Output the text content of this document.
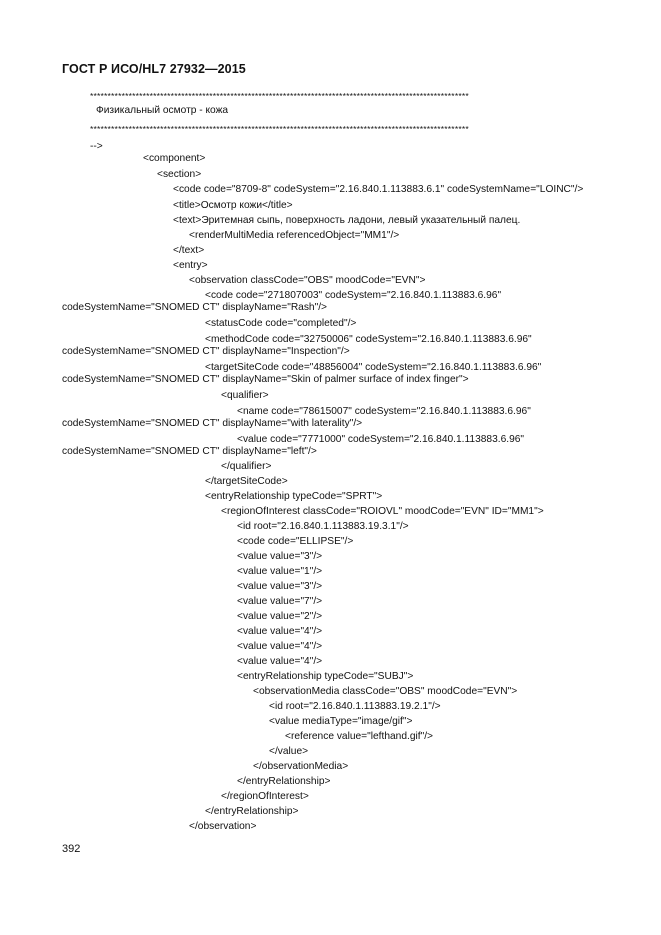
ГОСТ Р ИСО/HL7 27932—2015
************************************************************************************************************
Физикальный осмотр - кожа
************************************************************************************************************
-->
<component>
<section>
<code code="8709-8" codeSystem="2.16.840.1.113883.6.1" codeSystemName="LOINC"/>
<title>Осмотр кожи</title>
<text>Эритемная сыпь, поверхность ладони, левый указательный палец.
<renderMultiMedia referencedObject="MM1"/>
</text>
<entry>
<observation classCode="OBS" moodCode="EVN">
<code code="271807003" codeSystem="2.16.840.1.113883.6.96"
codeSystemName="SNOMED CT" displayName="Rash"/>
<statusCode code="completed"/>
<methodCode code="32750006" codeSystem="2.16.840.1.113883.6.96"
codeSystemName="SNOMED CT" displayName="Inspection"/>
<targetSiteCode code="48856004" codeSystem="2.16.840.1.113883.6.96"
codeSystemName="SNOMED CT" displayName="Skin of palmer surface of index finger">
<qualifier>
<name code="78615007" codeSystem="2.16.840.1.113883.6.96"
codeSystemName="SNOMED CT" displayName="with laterality"/>
<value code="7771000" codeSystem="2.16.840.1.113883.6.96"
codeSystemName="SNOMED CT" displayName="left"/>
</qualifier>
</targetSiteCode>
<entryRelationship typeCode="SPRT">
<regionOfInterest classCode="ROIOVL" moodCode="EVN" ID="MM1">
<id root="2.16.840.1.113883.19.3.1"/>
<code code="ELLIPSE"/>
<value value="3"/>
<value value="1"/>
<value value="3"/>
<value value="7"/>
<value value="2"/>
<value value="4"/>
<value value="4"/>
<value value="4"/>
<entryRelationship typeCode="SUBJ">
<observationMedia classCode="OBS" moodCode="EVN">
<id root="2.16.840.1.113883.19.2.1"/>
<value mediaType="image/gif">
<reference value="lefthand.gif"/>
</value>
</observationMedia>
</entryRelationship>
</regionOfInterest>
</entryRelationship>
</observation>
392
